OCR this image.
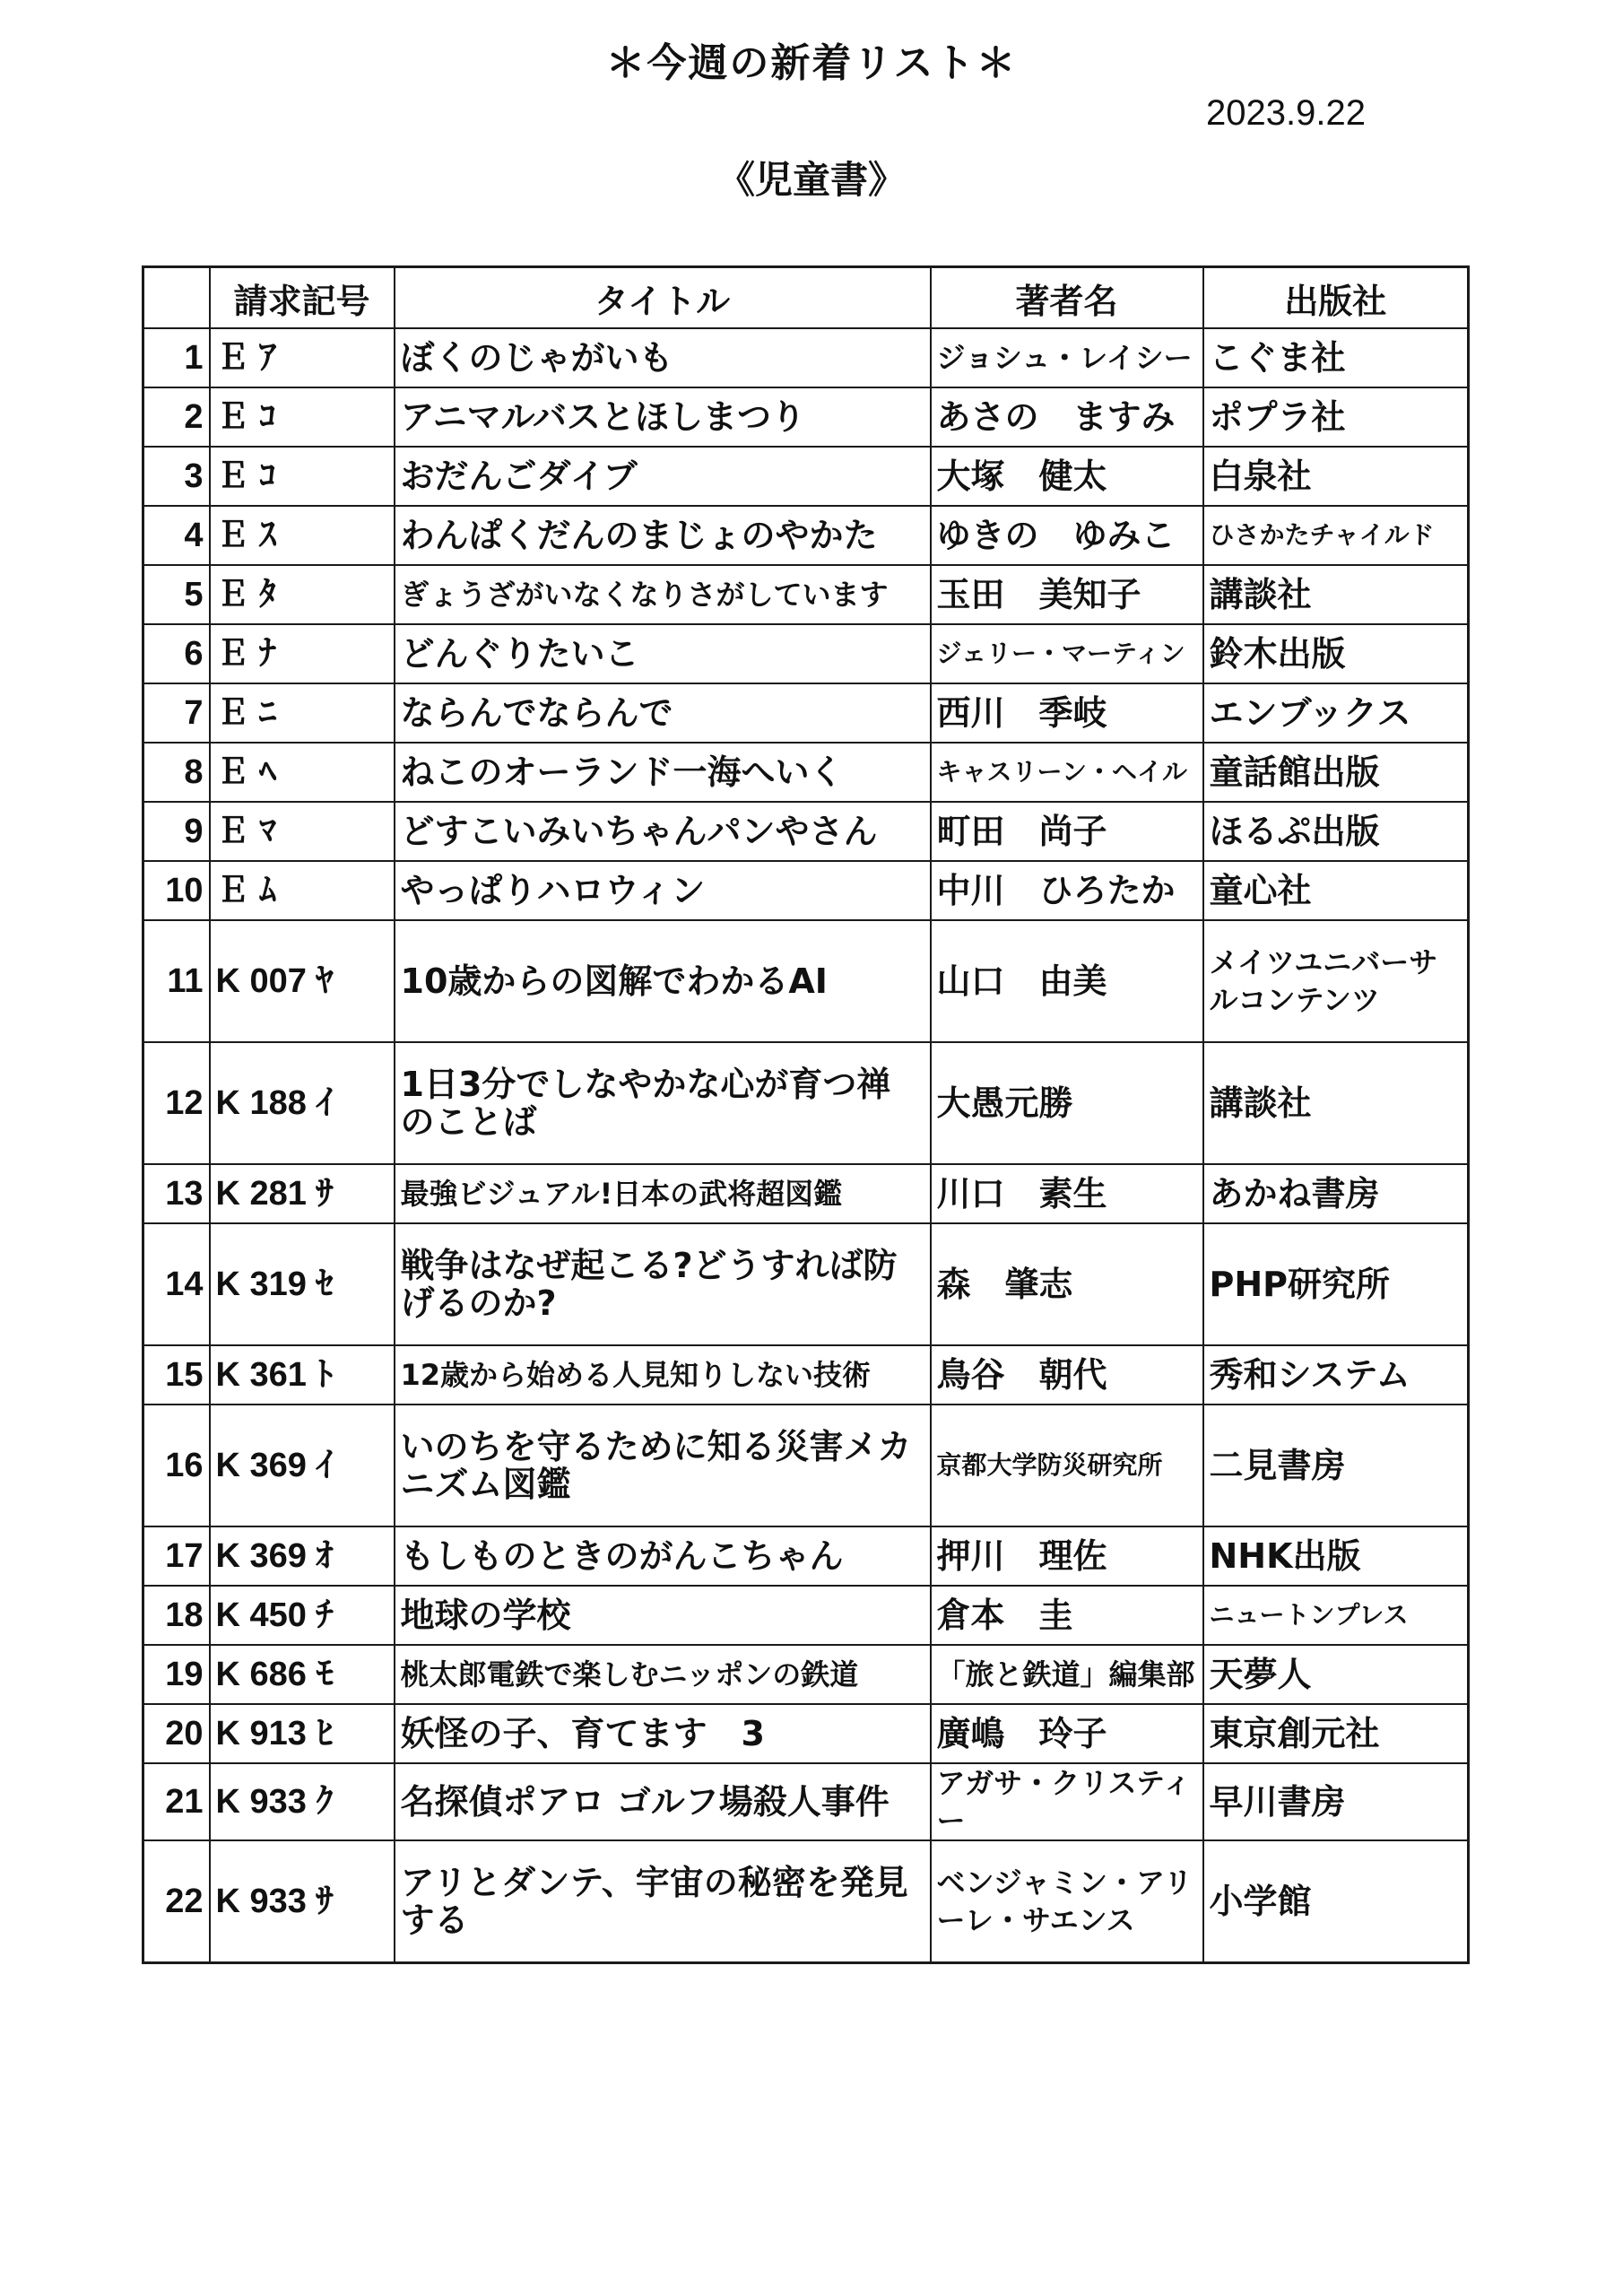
＊今週の新着リスト＊
2023.9.22
《児童書》
	請求記号	タイトル	著者名	出版社
1	Ｅ ｱ	ぼくのじゃがいも	ジョシュ・レイシー	こぐま社
2	Ｅ ｺ	アニマルバスとほしまつり	あさの　ますみ	ポプラ社
3	Ｅ ｺ	おだんごダイブ	大塚　健太	白泉社
4	Ｅ ｽ	わんぱくだんのまじょのやかた	ゆきの　ゆみこ	ひさかたチャイルド
5	Ｅ ﾀ	ぎょうざがいなくなりさがしています	玉田　美知子	講談社
6	Ｅ ﾅ	どんぐりたいこ	ジェリー・マーティン	鈴木出版
7	Ｅ ﾆ	ならんでならんで	西川　季岐	エンブックス
8	Ｅ ﾍ	ねこのオーランド一海へいく	キャスリーン・ヘイル	童話館出版
9	Ｅ ﾏ	どすこいみいちゃんパンやさん	町田　尚子	ほるぷ出版
10	Ｅ ﾑ	やっぱりハロウィン	中川　ひろたか	童心社
11	K 007 ﾔ	10歳からの図解でわかるAI	山口　由美	メイツユニバーサルコンテンツ
12	K 188 ｲ	1日3分でしなやかな心が育つ禅のことば	大愚元勝	講談社
13	K 281 ｻ	最強ビジュアル!日本の武将超図鑑	川口　素生	あかね書房
14	K 319 ｾ	戦争はなぜ起こる?どうすれば防げるのか?	森　肇志	PHP研究所
15	K 361 ﾄ	12歳から始める人見知りしない技術	鳥谷　朝代	秀和システム
16	K 369 ｲ	いのちを守るために知る災害メカニズム図鑑	京都大学防災研究所	二見書房
17	K 369 ｵ	もしものときのがんこちゃん	押川　理佐	NHK出版
18	K 450 ﾁ	地球の学校	倉本　圭	ニュートンプレス
19	K 686 ﾓ	桃太郎電鉄で楽しむニッポンの鉄道	「旅と鉄道」編集部	天夢人
20	K 913 ﾋ	妖怪の子、育てます　3	廣嶋　玲子	東京創元社
21	K 933 ｸ	名探偵ポアロ ゴルフ場殺人事件	アガサ・クリスティー	早川書房
22	K 933 ｻ	アリとダンテ、宇宙の秘密を発見する	ベンジャミン・アリーレ・サエンス	小学館
